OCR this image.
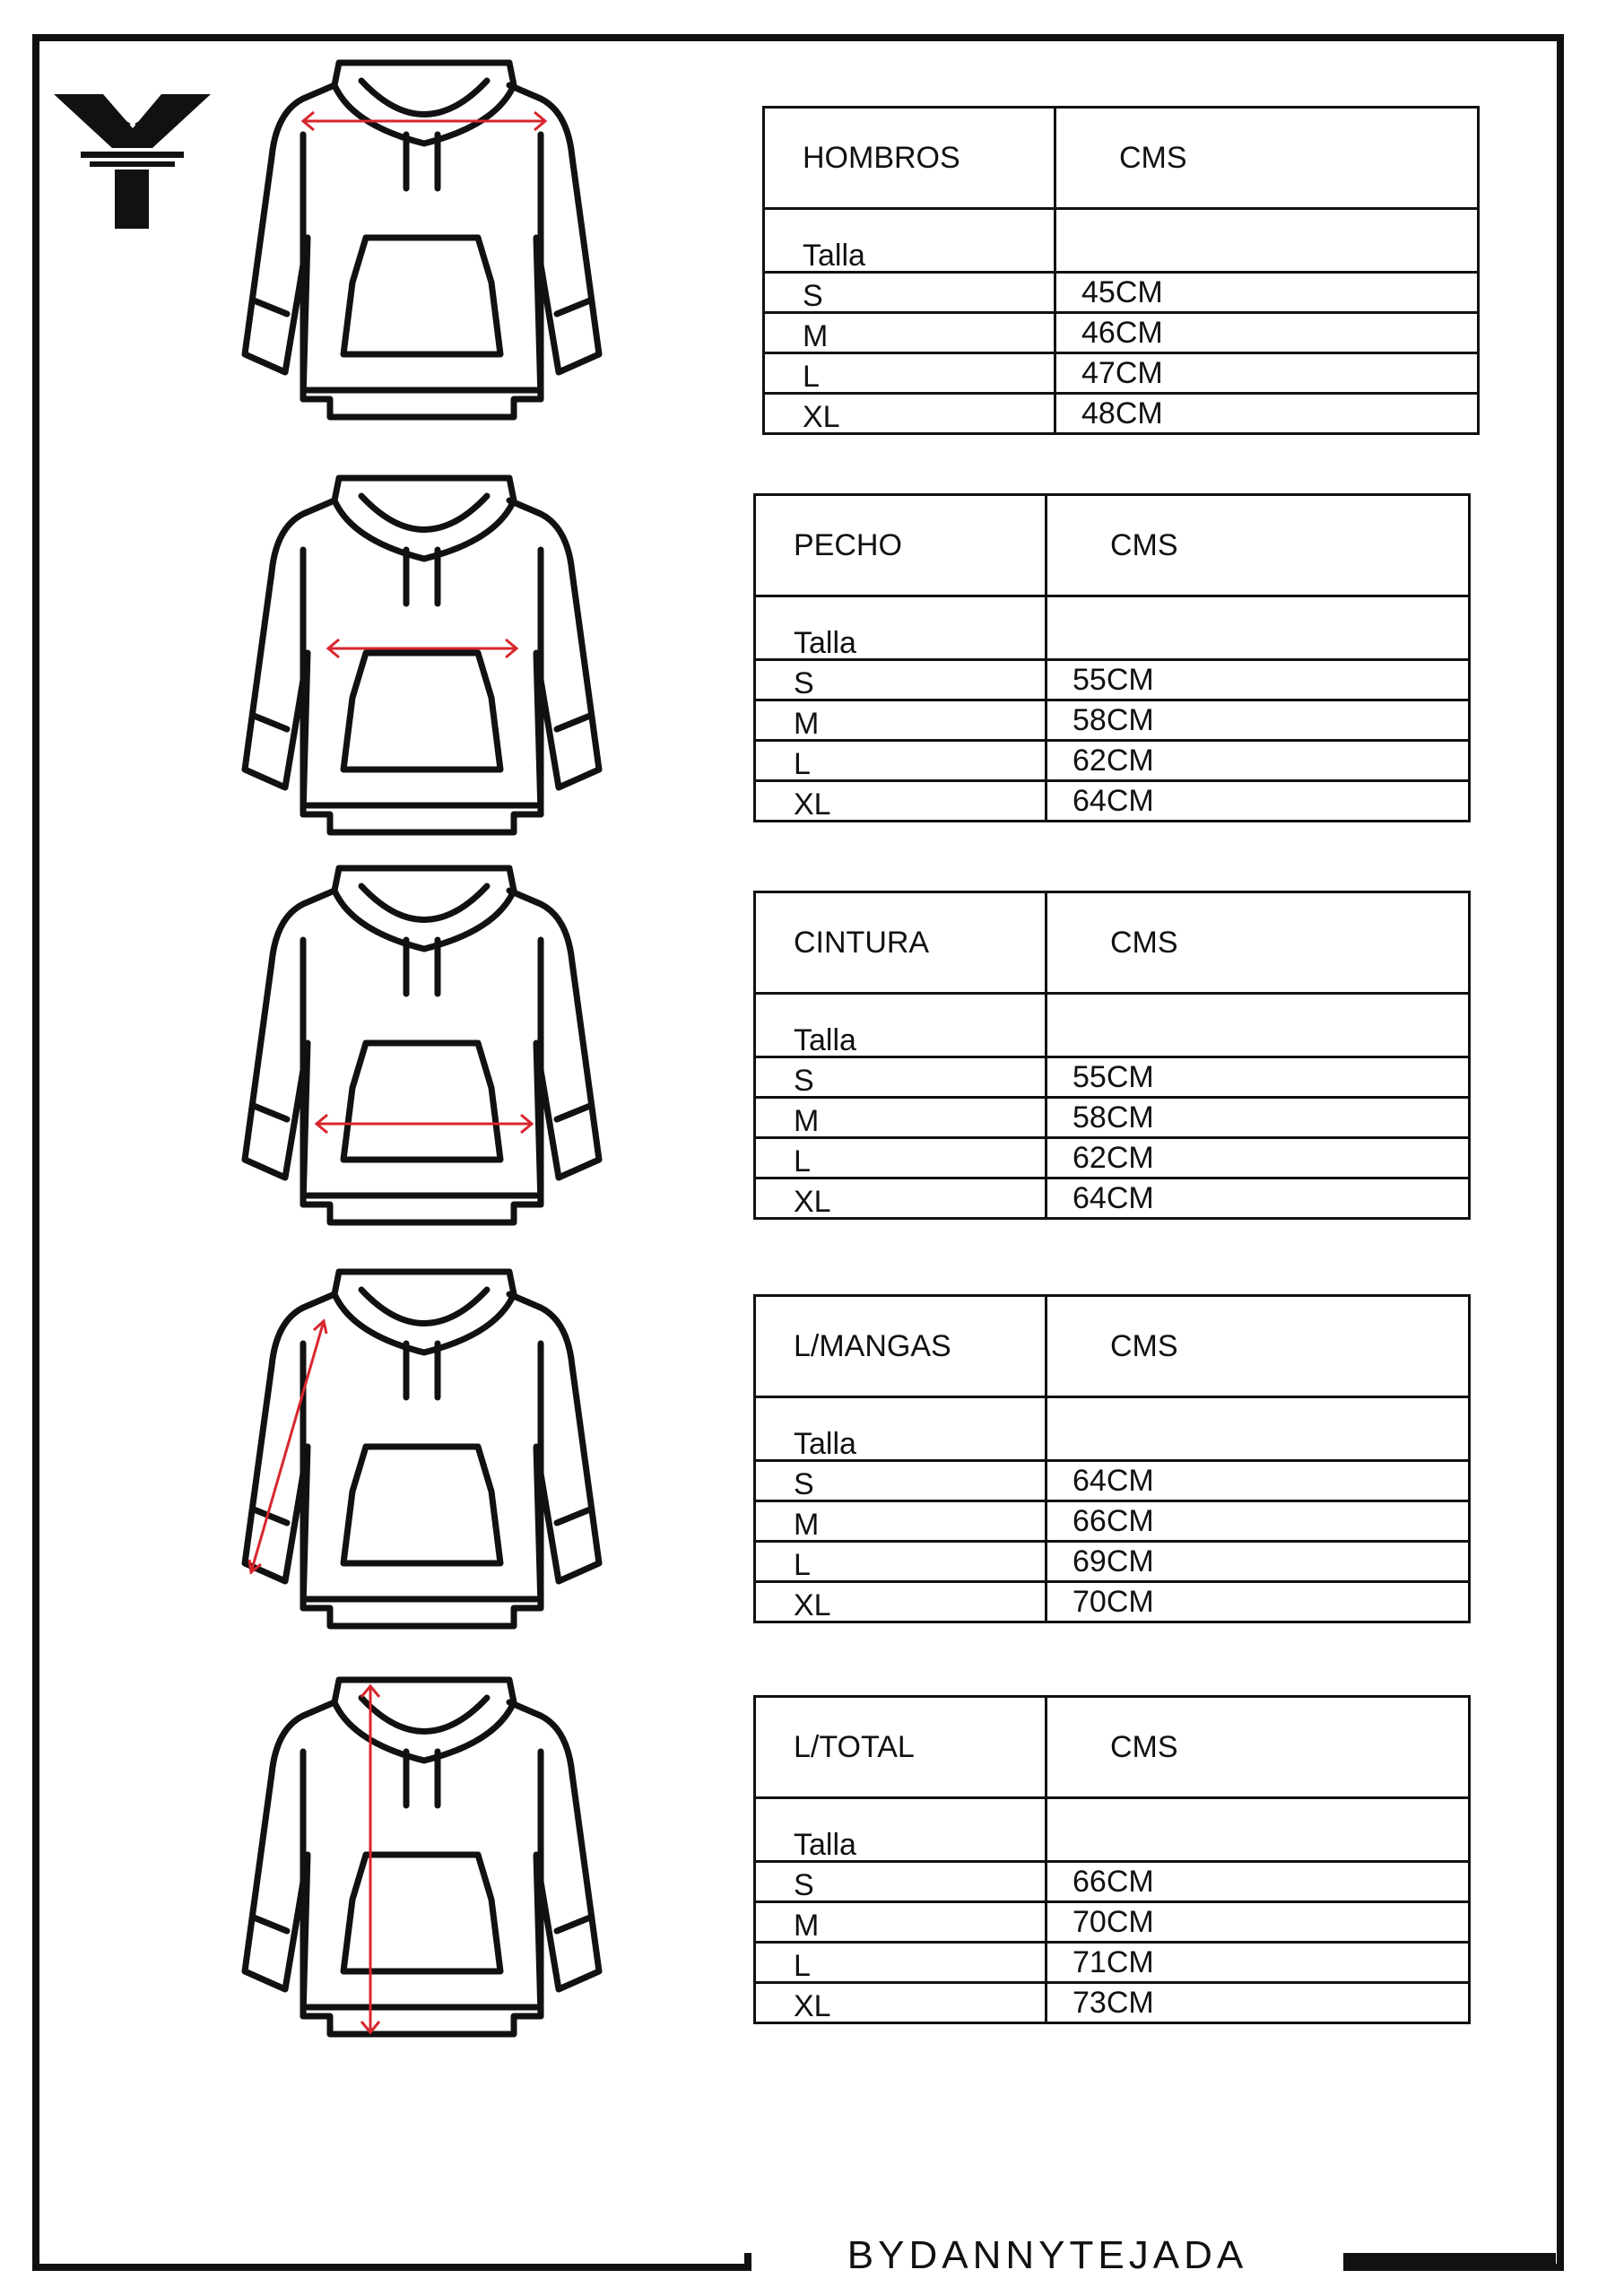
HOMBROS	CMS
Talla	
S	45CM
M	46CM
L	47CM
XL	48CM
PECHO	CMS
Talla	
S	55CM
M	58CM
L	62CM
XL	64CM
CINTURA	CMS
Talla	
S	55CM
M	58CM
L	62CM
XL	64CM
L/MANGAS	CMS
Talla	
S	64CM
M	66CM
L	69CM
XL	70CM
L/TOTAL	CMS
Talla	
S	66CM
M	70CM
L	71CM
XL	73CM
BYDANNYTEJADA
